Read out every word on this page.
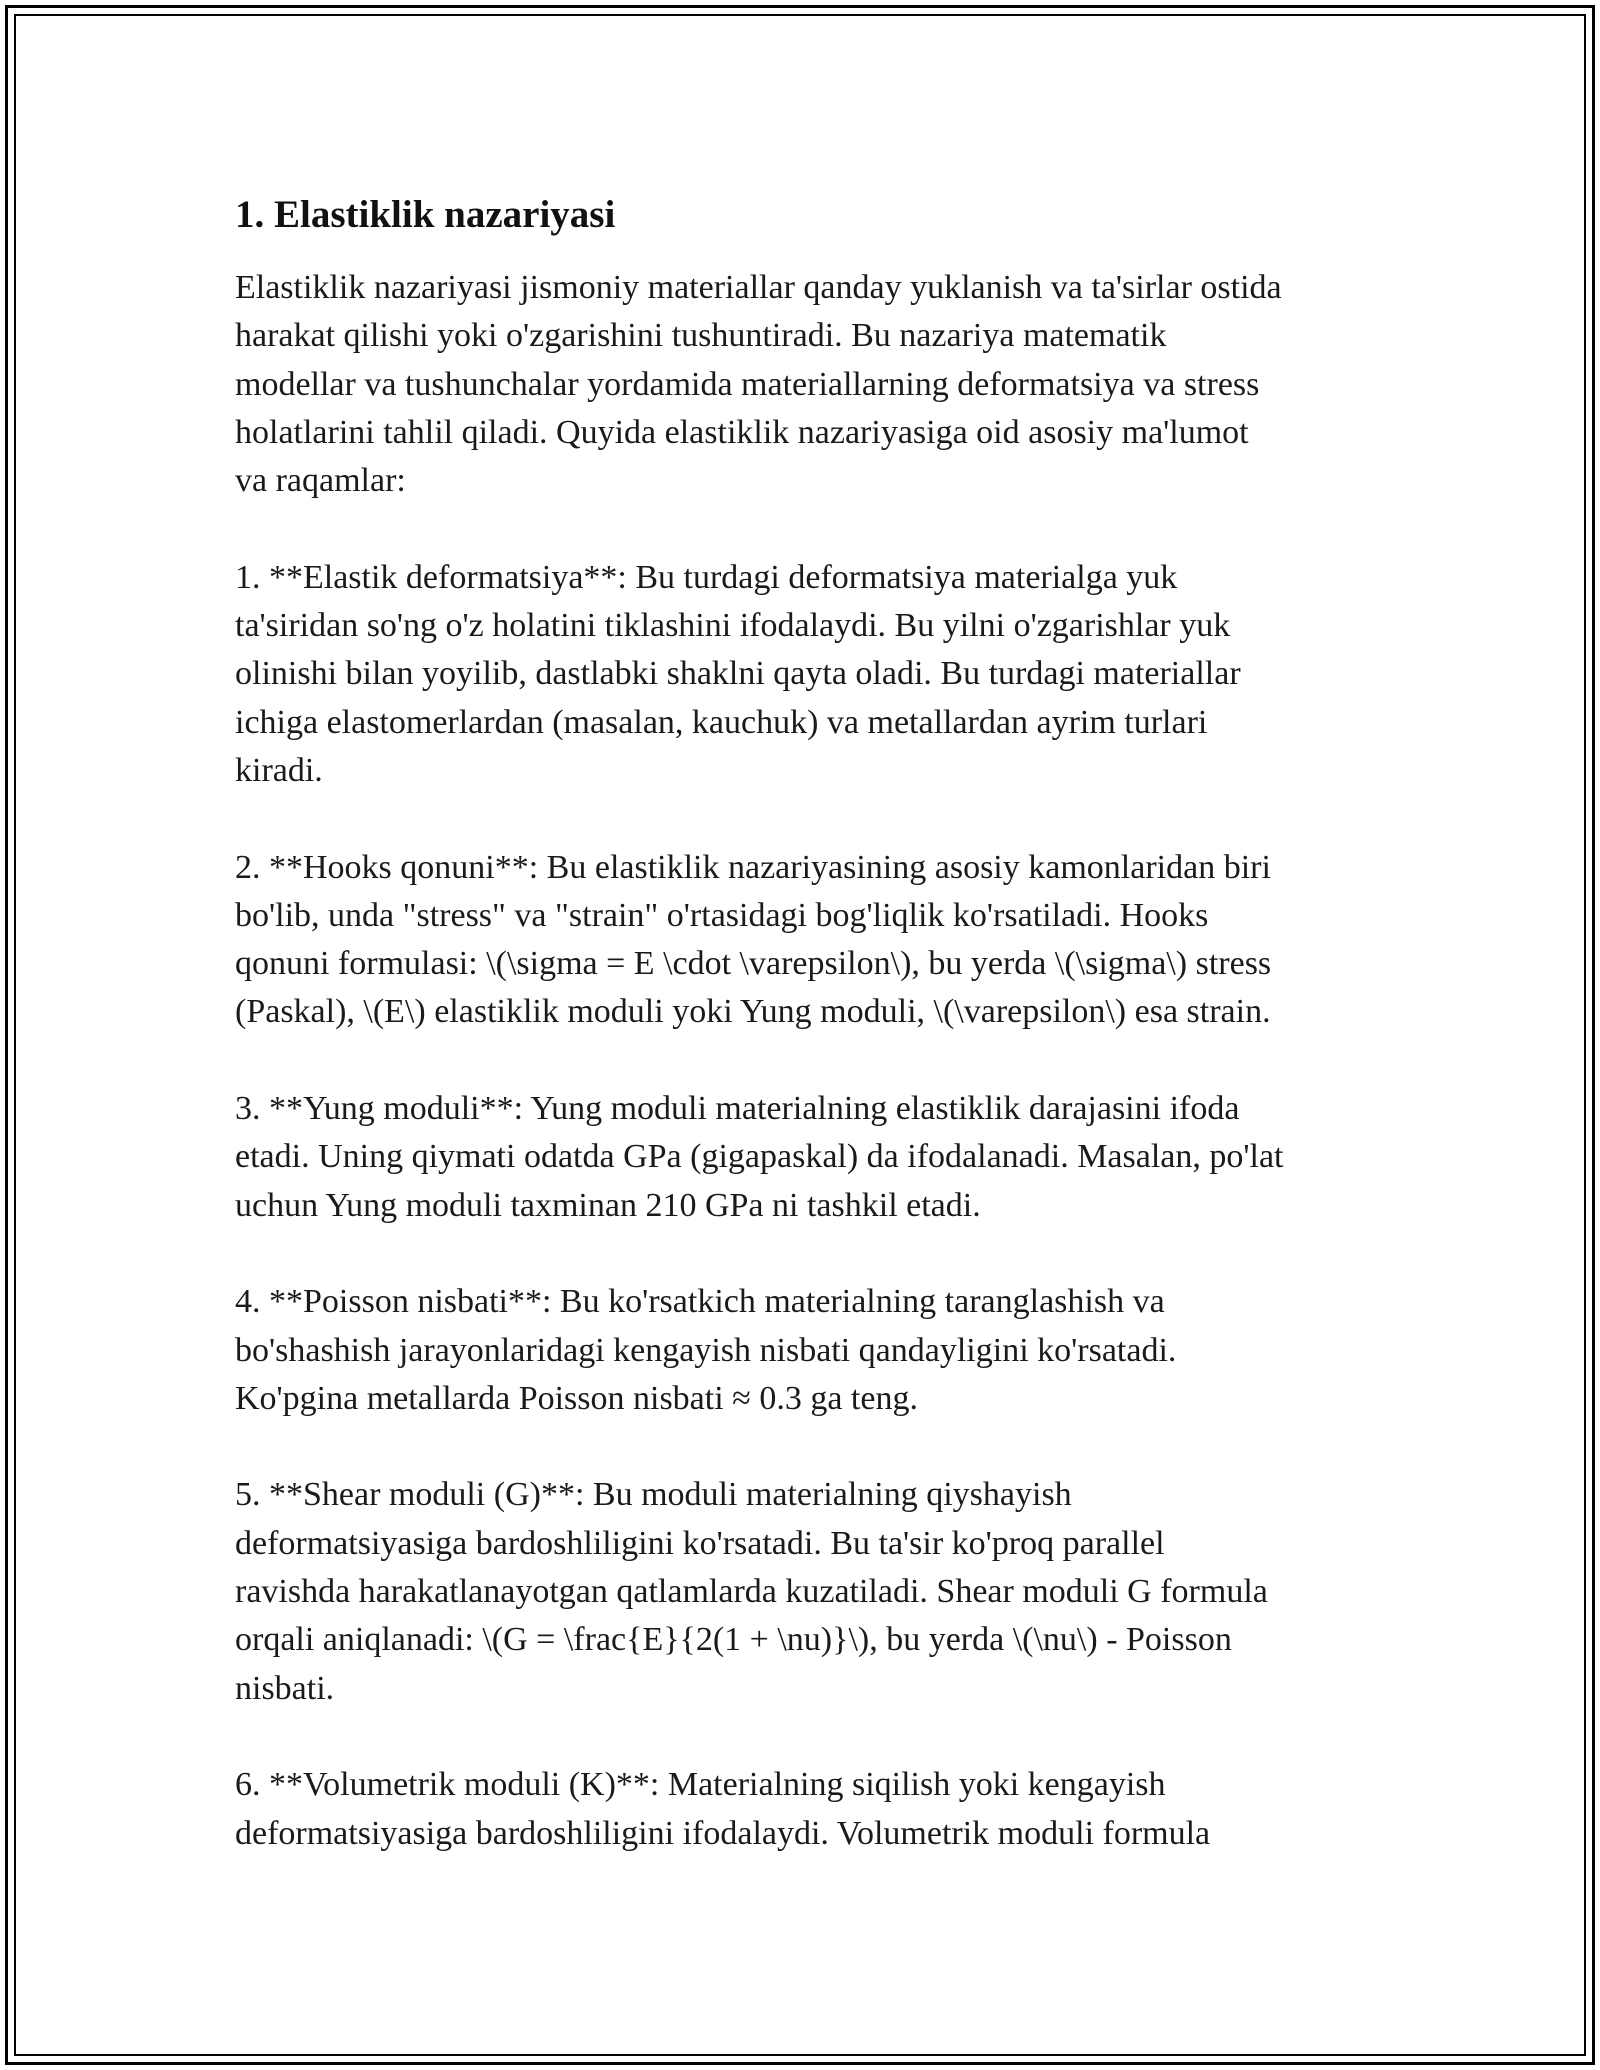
1. Elastiklik nazariyasi

Elastiklik nazariyasi jismoniy materiallar qanday yuklanish va ta'sirlar ostida
harakat qilishi yoki o'zgarishini tushuntiradi. Bu nazariya matematik
modellar va tushunchalar yordamida materiallarning deformatsiya va stress
holatlarini tahlil qiladi. Quyida elastiklik nazariyasiga oid asosiy ma'lumot
va raqamlar:

1. **Elastik deformatsiya**: Bu turdagi deformatsiya materialga yuk
ta'siridan so'ng o'z holatini tiklashini ifodalaydi. Bu yilni o'zgarishlar yuk
olinishi bilan yoyilib, dastlabki shaklni qayta oladi. Bu turdagi materiallar
ichiga elastomerlardan (masalan, kauchuk) va metallardan ayrim turlari
kiradi.

2. **Hooks qonuni**: Bu elastiklik nazariyasining asosiy kamonlaridan biri
bo'lib, unda "stress" va "strain" o'rtasidagi bog'liqlik ko'rsatiladi. Hooks
qonuni formulasi: \(\sigma = E \cdot \varepsilon\), bu yerda \(\sigma\) stress
(Paskal), \(E\) elastiklik moduli yoki Yung moduli, \(\varepsilon\) esa strain.

3. **Yung moduli**: Yung moduli materialning elastiklik darajasini ifoda
etadi. Uning qiymati odatda GPa (gigapaskal) da ifodalanadi. Masalan, po'lat
uchun Yung moduli taxminan 210 GPa ni tashkil etadi.

4. **Poisson nisbati**: Bu ko'rsatkich materialning taranglashish va
bo'shashish jarayonlaridagi kengayish nisbati qandayligini ko'rsatadi.
Ko'pgina metallarda Poisson nisbati ≈ 0.3 ga teng.

5. **Shear moduli (G)**: Bu moduli materialning qiyshayish
deformatsiyasiga bardoshliligini ko'rsatadi. Bu ta'sir ko'proq parallel
ravishda harakatlanayotgan qatlamlarda kuzatiladi. Shear moduli G formula
orqali aniqlanadi: \(G = \frac{E}{2(1 + \nu)}\), bu yerda \(\nu\) - Poisson
nisbati.

6. **Volumetrik moduli (K)**: Materialning siqilish yoki kengayish
deformatsiyasiga bardoshliligini ifodalaydi. Volumetrik moduli formula
